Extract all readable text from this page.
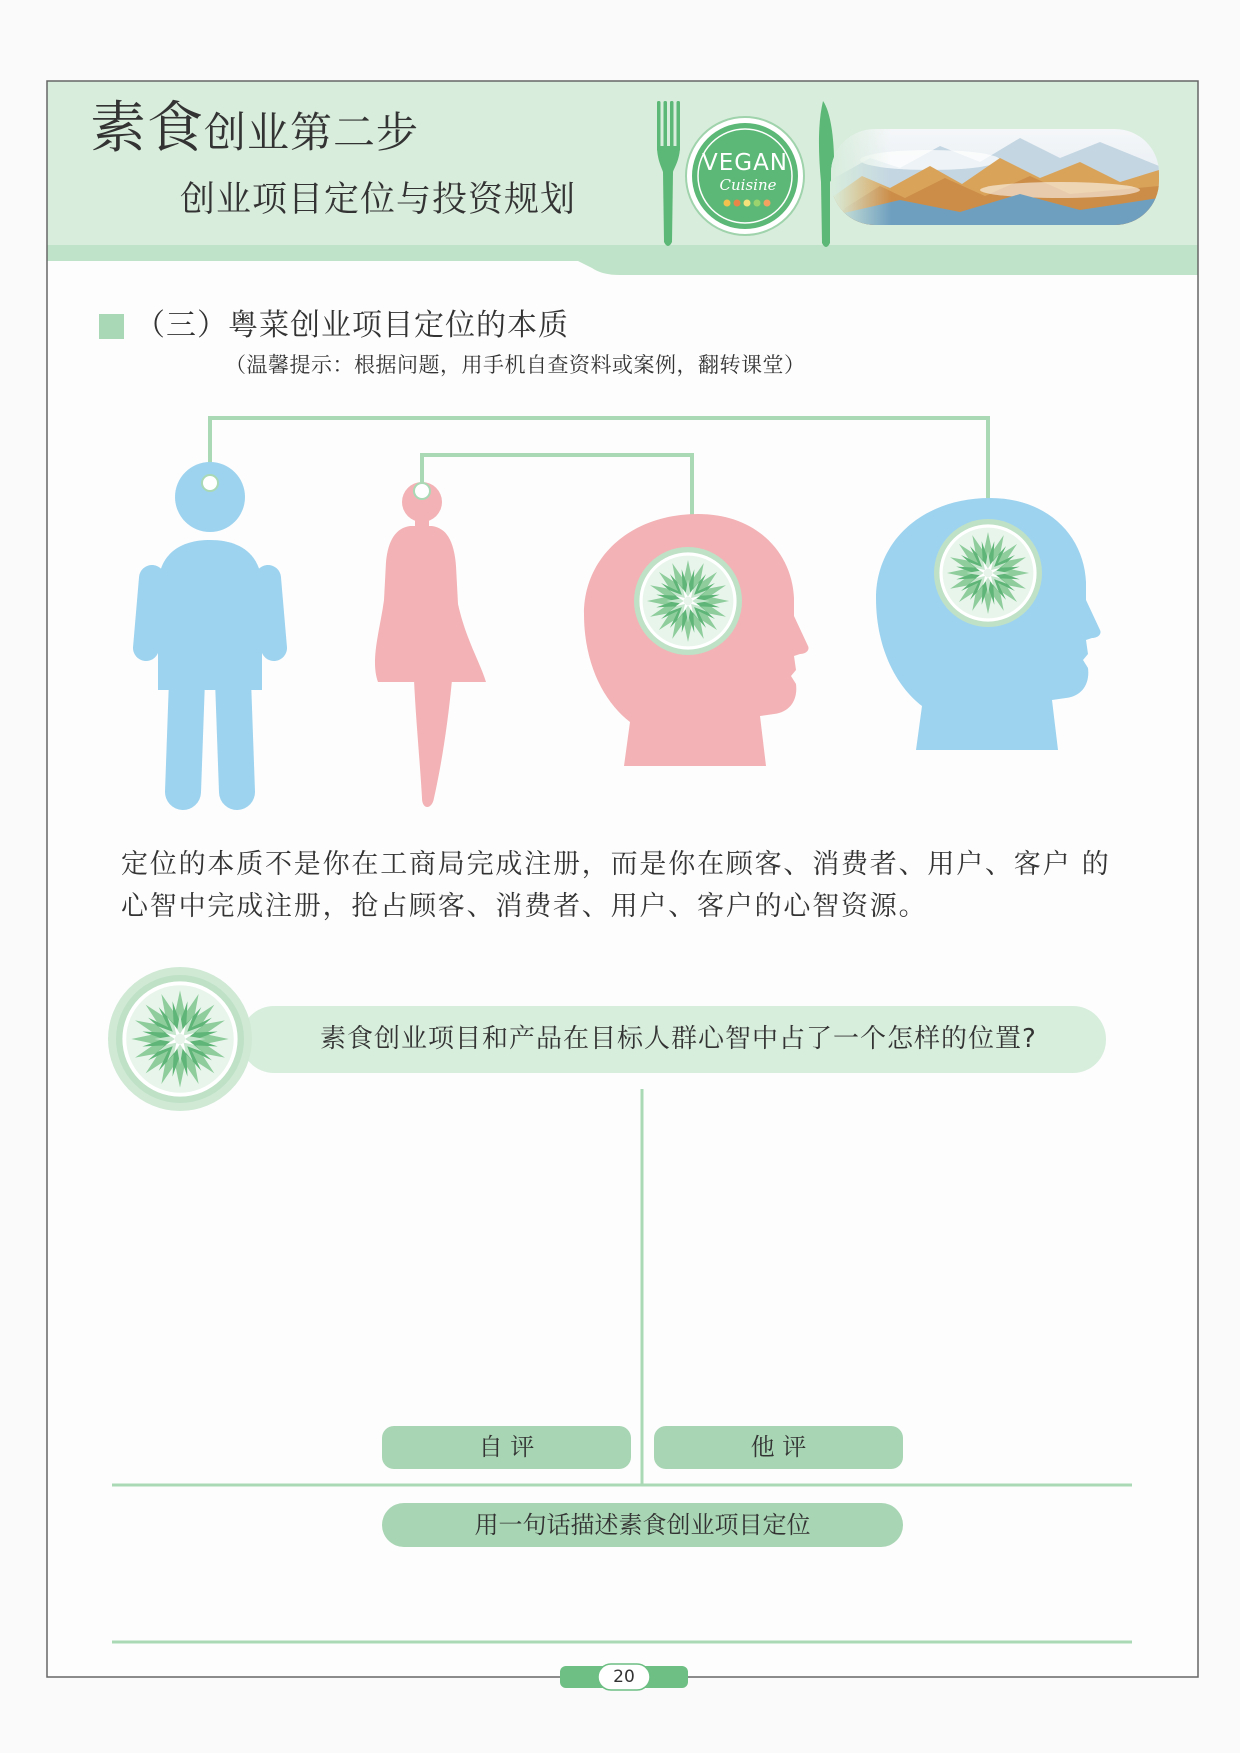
VEGAN
Cuisine
素食创业第二步
创业项目定位与投资规划
（三）粤菜创业项目定位的本质
（温馨提示：根据问题，用手机自查资料或案例，翻转课堂）
定位的本质不是你在工商局完成注册，而是你在顾客、消费者、用户、客户 的
心智中完成注册，抢占顾客、消费者、用户、客户的心智资源。
素食创业项目和产品在目标人群心智中占了一个怎样的位置?
自 评	他 评
用一句话描述素食创业项目定位
20
